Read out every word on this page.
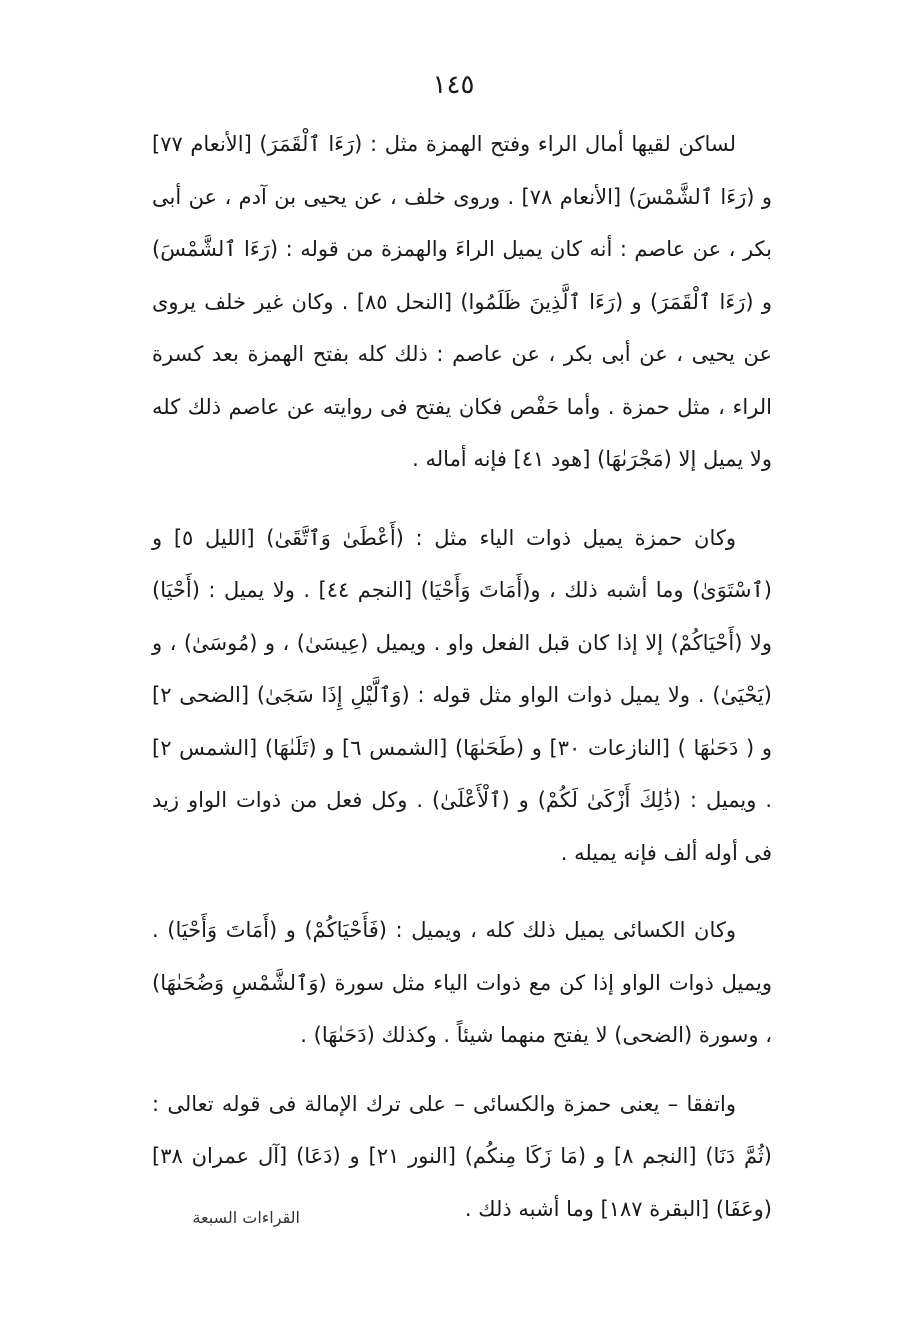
١٤٥

لساكن لقيها أمال الراء وفتح الهمزة مثل : (رَءَا ٱلْقَمَرَ) [الأنعام ٧٧] و (رَءَا ٱلشَّمْسَ) [الأنعام ٧٨] . وروى خلف ، عن يحيى بن آدم ، عن أبى بكر ، عن عاصم : أنه كان يميل الراءَ والهمزة من قوله : (رَءَا ٱلشَّمْسَ) و (رَءَا ٱلْقَمَرَ) و (رَءَا ٱلَّذِينَ ظَلَمُوا) [النحل ٨٥] . وكان غير خلف يروى عن يحيى ، عن أبى بكر ، عن عاصم : ذلك كله بفتح الهمزة بعد كسرة الراء ، مثل حمزة . وأما حَفْص فكان يفتح فى روايته عن عاصم ذلك كله ولا يميل إلا (مَجْرَىٰهَا) [هود ٤١] فإنه أماله .

وكان حمزة يميل ذوات الياء مثل : (أَعْطَىٰ وَٱتَّقَىٰ) [الليل ٥] و (ٱسْتَوَىٰ) وما أشبه ذلك ، و(أَمَاتَ وَأَحْيَا) [النجم ٤٤] . ولا يميل : (أَحْيَا) ولا (أَحْيَاكُمْ) إلا إذا كان قبل الفعل واو . ويميل (عِيسَىٰ) ، و (مُوسَىٰ) ، و (يَحْيَىٰ) . ولا يميل ذوات الواو مثل قوله : (وَٱلَّيْلِ إِذَا سَجَىٰ) [الضحى ٢] و ( دَحَىٰهَا ) [النازعات ٣٠] و (طَحَىٰهَا) [الشمس ٦] و (تَلَىٰهَا) [الشمس ٢] . ويميل : (ذَٰلِكَ أَزْكَىٰ لَكُمْ) و (ٱلْأَعْلَىٰ) . وكل فعل من ذوات الواو زيد فى أوله ألف فإنه يميله .

وكان الكسائى يميل ذلك كله ، ويميل : (فَأَحْيَاكُمْ) و (أَمَاتَ وَأَحْيَا) . ويميل ذوات الواو إذا كن مع ذوات الياء مثل سورة (وَٱلشَّمْسِ وَضُحَىٰهَا) ، وسورة (الضحى) لا يفتح منهما شيئاً . وكذلك (دَحَىٰهَا) .

واتفقا – يعنى حمزة والكسائى – على ترك الإمالة فى قوله تعالى : (ثُمَّ دَنَا) [النجم ٨] و (مَا زَكَا مِنكُم) [النور ٢١] و (دَعَا) [آل عمران ٣٨] (وعَفَا) [البقرة ١٨٧] وما أشبه ذلك .

القراءات السبعة
